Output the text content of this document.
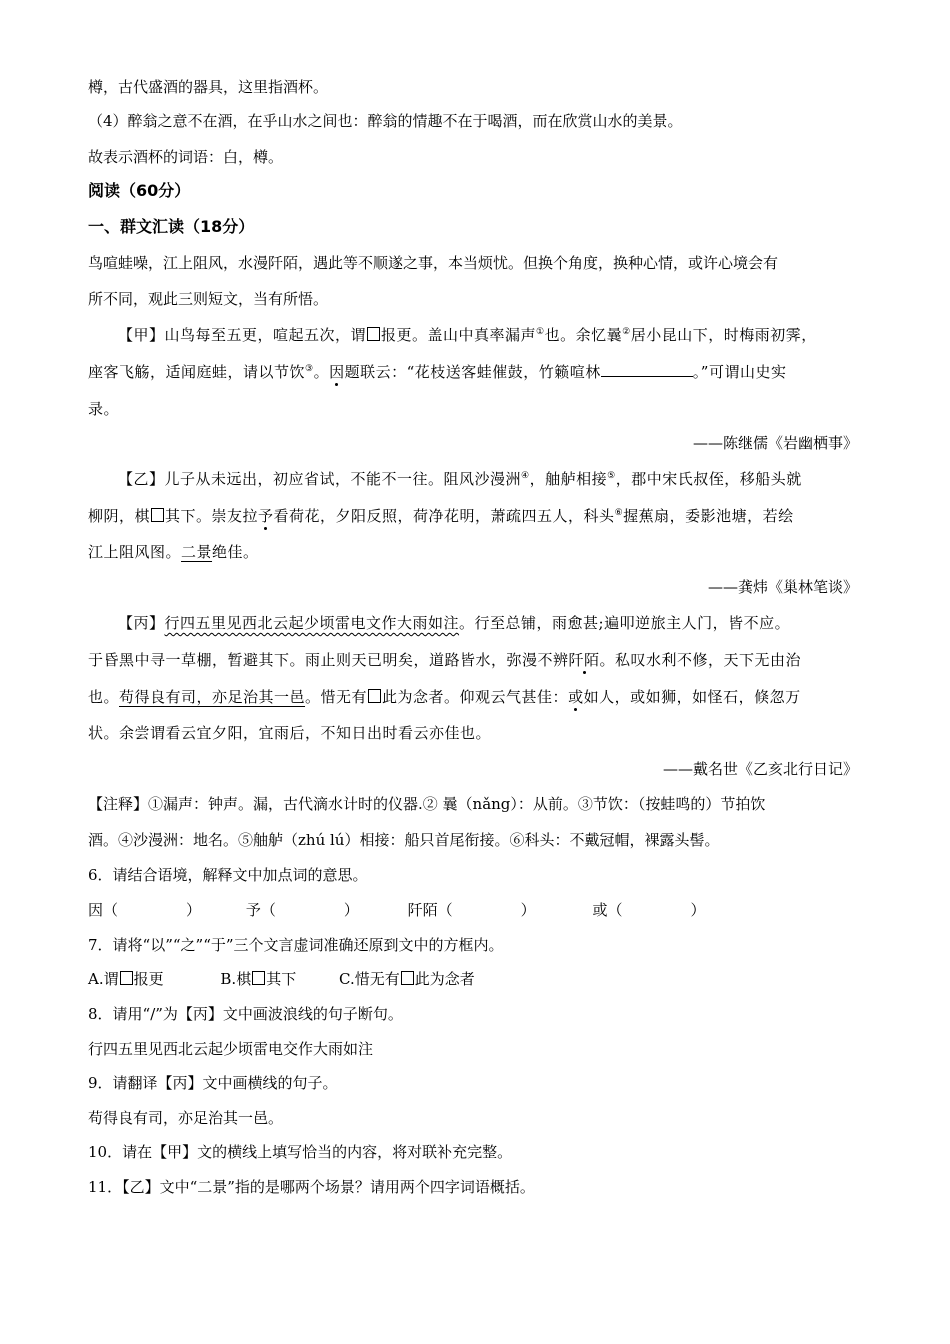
樽，古代盛酒的器具，这里指酒杯。
（4）醉翁之意不在酒，在乎山水之间也：醉翁的情趣不在于喝酒，而在欣赏山水的美景。
故表示酒杯的词语：白，樽。
阅读（60分）
一、群文汇读（18分）
鸟喧蛙噪，江上阻风，水漫阡陌，遇此等不顺遂之事，本当烦忧。但换个角度，换种心情，或许心境会有
所不同，观此三则短文，当有所悟。
【甲】山鸟每至五更，喧起五次，谓 报更。盖山中真率漏声①也。余忆曩②居小昆山下，时梅雨初霁，
座客飞觞，适闻庭蛙，请以节饮③。因题联云：“花枝送客蛙催鼓，竹籁喧林	。”可谓山史实
录。
——陈继儒《岩幽栖事》
【乙】儿子从未远出，初应省试，不能不一往。阻风沙漫洲④，舳舻相接⑤，郡中宋氏叔侄，移船头就
柳阴，棋 其下。崇友拉予看荷花，夕阳反照，荷净花明，萧疏四五人，科头⑥握蕉扇，委影池塘，若绘
江上阻风图。二景绝佳。
——龚炜《巢林笔谈》
【丙】行四五里见西北云起少顷雷电文作大雨如注。行至总铺，雨愈甚;遍叩逆旅主人门，皆不应。
于昏黑中寻一草棚，暂避其下。雨止则天已明矣，道路皆水，弥漫不辨阡陌。私叹水利不修，天下无由治
也。苟得良有司，亦足治其一邑。惜无有 此为念者。仰观云气甚佳：或如人，或如狮，如怪石，倏忽万
状。余尝谓看云宜夕阳，宜雨后，不知日出时看云亦佳也。
——戴名世《乙亥北行日记》
【注释】①漏声：钟声。漏，古代滴水计时的仪器.② 曩（nǎng）：从前。③节饮：（按蛙鸣的）节拍饮
酒。④沙漫洲：地名。⑤舳舻（zhú lú）相接：船只首尾衔接。⑥科头：不戴冠帽，裸露头髻。
6．请结合语境，解释文中加点词的意思。
因（	）	予（	）	阡陌（	）	或（	）
7．请将“以”“之”“于”三个文言虚词准确还原到文中的方框内。
A.谓 报更	B.棋 其下	C.惜无有 此为念者
8．请用“/”为【丙】文中画波浪线的句子断句。
行四五里见西北云起少顷雷电交作大雨如注
9．请翻译【丙】文中画横线的句子。
苟得良有司，亦足治其一邑。
10．请在【甲】文的横线上填写恰当的内容，将对联补充完整。
11．【乙】文中“二景”指的是哪两个场景？请用两个四字词语概括。
